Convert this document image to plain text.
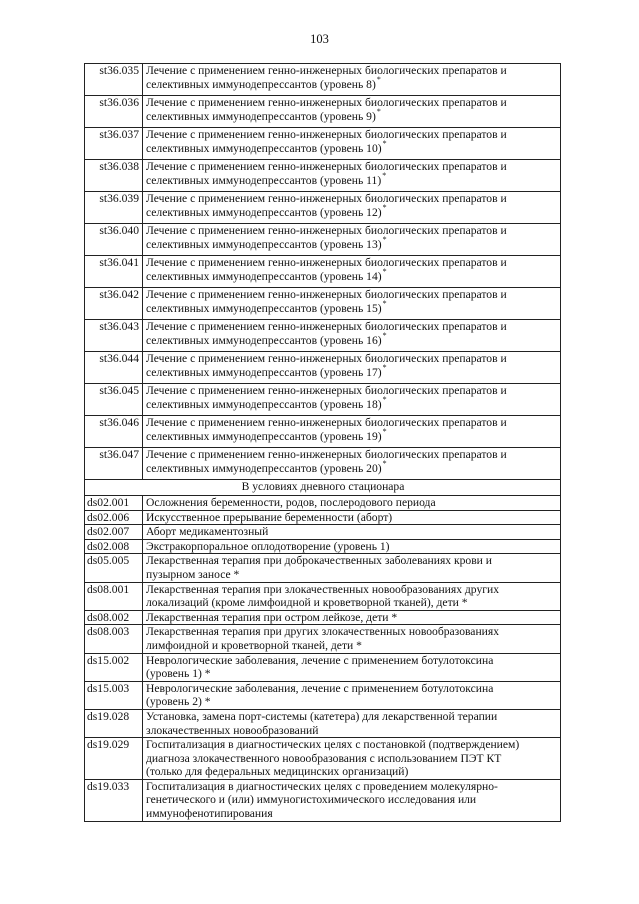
103
st36.035	Лечение с применением генно-инженерных биологических препаратов и
селективных иммунодепрессантов (уровень 8)*
st36.036	Лечение с применением генно-инженерных биологических препаратов и
селективных иммунодепрессантов (уровень 9)*
st36.037	Лечение с применением генно-инженерных биологических препаратов и
селективных иммунодепрессантов (уровень 10)*
st36.038	Лечение с применением генно-инженерных биологических препаратов и
селективных иммунодепрессантов (уровень 11)*
st36.039	Лечение с применением генно-инженерных биологических препаратов и
селективных иммунодепрессантов (уровень 12)*
st36.040	Лечение с применением генно-инженерных биологических препаратов и
селективных иммунодепрессантов (уровень 13)*
st36.041	Лечение с применением генно-инженерных биологических препаратов и
селективных иммунодепрессантов (уровень 14)*
st36.042	Лечение с применением генно-инженерных биологических препаратов и
селективных иммунодепрессантов (уровень 15)*
st36.043	Лечение с применением генно-инженерных биологических препаратов и
селективных иммунодепрессантов (уровень 16)*
st36.044	Лечение с применением генно-инженерных биологических препаратов и
селективных иммунодепрессантов (уровень 17)*
st36.045	Лечение с применением генно-инженерных биологических препаратов и
селективных иммунодепрессантов (уровень 18)*
st36.046	Лечение с применением генно-инженерных биологических препаратов и
селективных иммунодепрессантов (уровень 19)*
st36.047	Лечение с применением генно-инженерных биологических препаратов и
селективных иммунодепрессантов (уровень 20)*
В условиях дневного стационара	
ds02.001	Осложнения беременности, родов, послеродового периода
ds02.006	Искусственное прерывание беременности (аборт)
ds02.007	Аборт медикаментозный
ds02.008	Экстракорпоральное оплодотворение (уровень 1)
ds05.005	Лекарственная терапия при доброкачественных заболеваниях крови и
пузырном заносе *
ds08.001	Лекарственная терапия при злокачественных новообразованиях других
локализаций (кроме лимфоидной и кроветворной тканей), дети *
ds08.002	Лекарственная терапия при остром лейкозе, дети *
ds08.003	Лекарственная терапия при других злокачественных новообразованиях
лимфоидной и кроветворной тканей, дети *
ds15.002	Неврологические заболевания, лечение с применением ботулотоксина
(уровень 1) *
ds15.003	Неврологические заболевания, лечение с применением ботулотоксина
(уровень 2) *
ds19.028	Установка, замена порт-системы (катетера) для лекарственной терапии
злокачественных новообразований
ds19.029	Госпитализация в диагностических целях с постановкой (подтверждением)
диагноза злокачественного новообразования с использованием ПЭТ КТ
(только для федеральных медицинских организаций)
ds19.033	Госпитализация в диагностических целях с проведением молекулярно-
генетического и (или) иммуногистохимического исследования или
иммунофенотипирования
